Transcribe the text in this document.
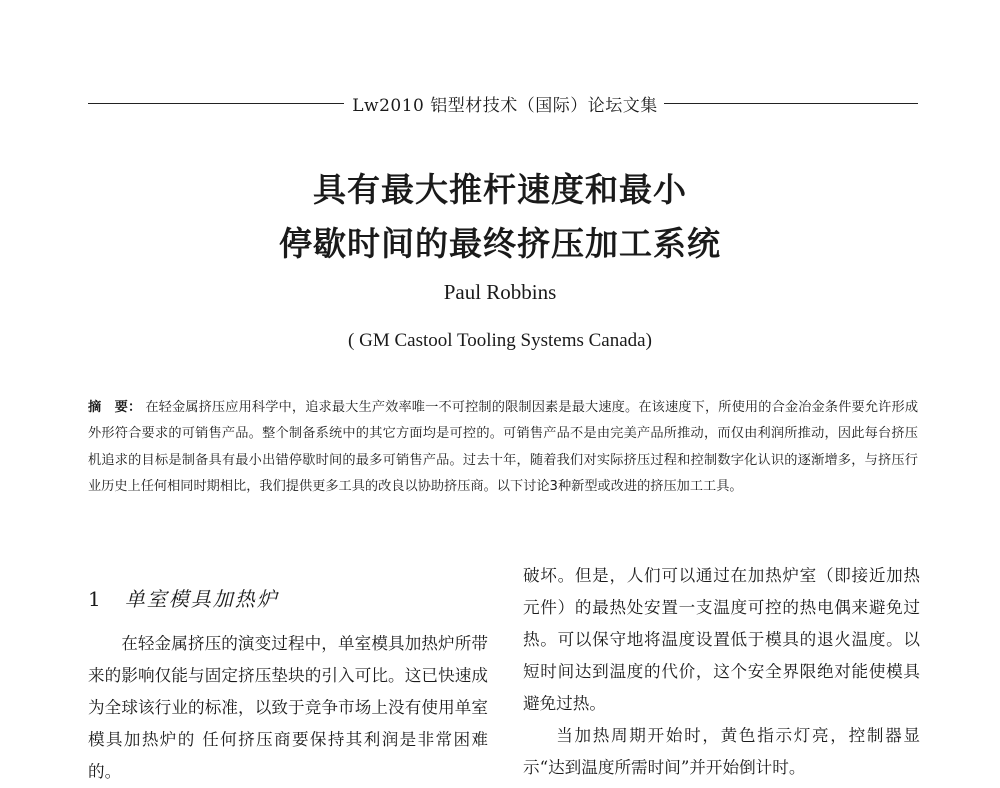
Lw2010 铝型材技术（国际）论坛文集
具有最大推杆速度和最小
停歇时间的最终挤压加工系统
Paul Robbins
( GM Castool Tooling Systems Canada)
摘　要： 在轻金属挤压应用科学中，追求最大生产效率唯一不可控制的限制因素是最大速度。在该速度下，所使用的合金冶金条件要允许形成外形符合要求的可销售产品。整个制备系统中的其它方面均是可控的。可销售产品不是由完美产品所推动，而仅由利润所推动，因此每台挤压机追求的目标是制备具有最小出错停歇时间的最多可销售产品。过去十年，随着我们对实际挤压过程和控制数字化认识的逐渐增多，与挤压行业历史上任何相同时期相比，我们提供更多工具的改良以协助挤压商。以下讨论3种新型或改进的挤压加工工具。
1 单室模具加热炉

在轻金属挤压的演变过程中，单室模具加热炉所带来的影响仅能与固定挤压垫块的引入可比。这已快速成为全球该行业的标准，以致于竞争市场上没有使用单室模具加热炉的 任何挤压商要保持其利润是非常困难的。

破坏。但是，人们可以通过在加热炉室（即接近加热元件）的最热处安置一支温度可控的热电偶来避免过热。可以保守地将温度设置低于模具的退火温度。以短时间达到温度的代价，这个安全界限绝对能使模具避免过热。

当加热周期开始时，黄色指示灯亮，控制器显示“达到温度所需时间”并开始倒计时。
